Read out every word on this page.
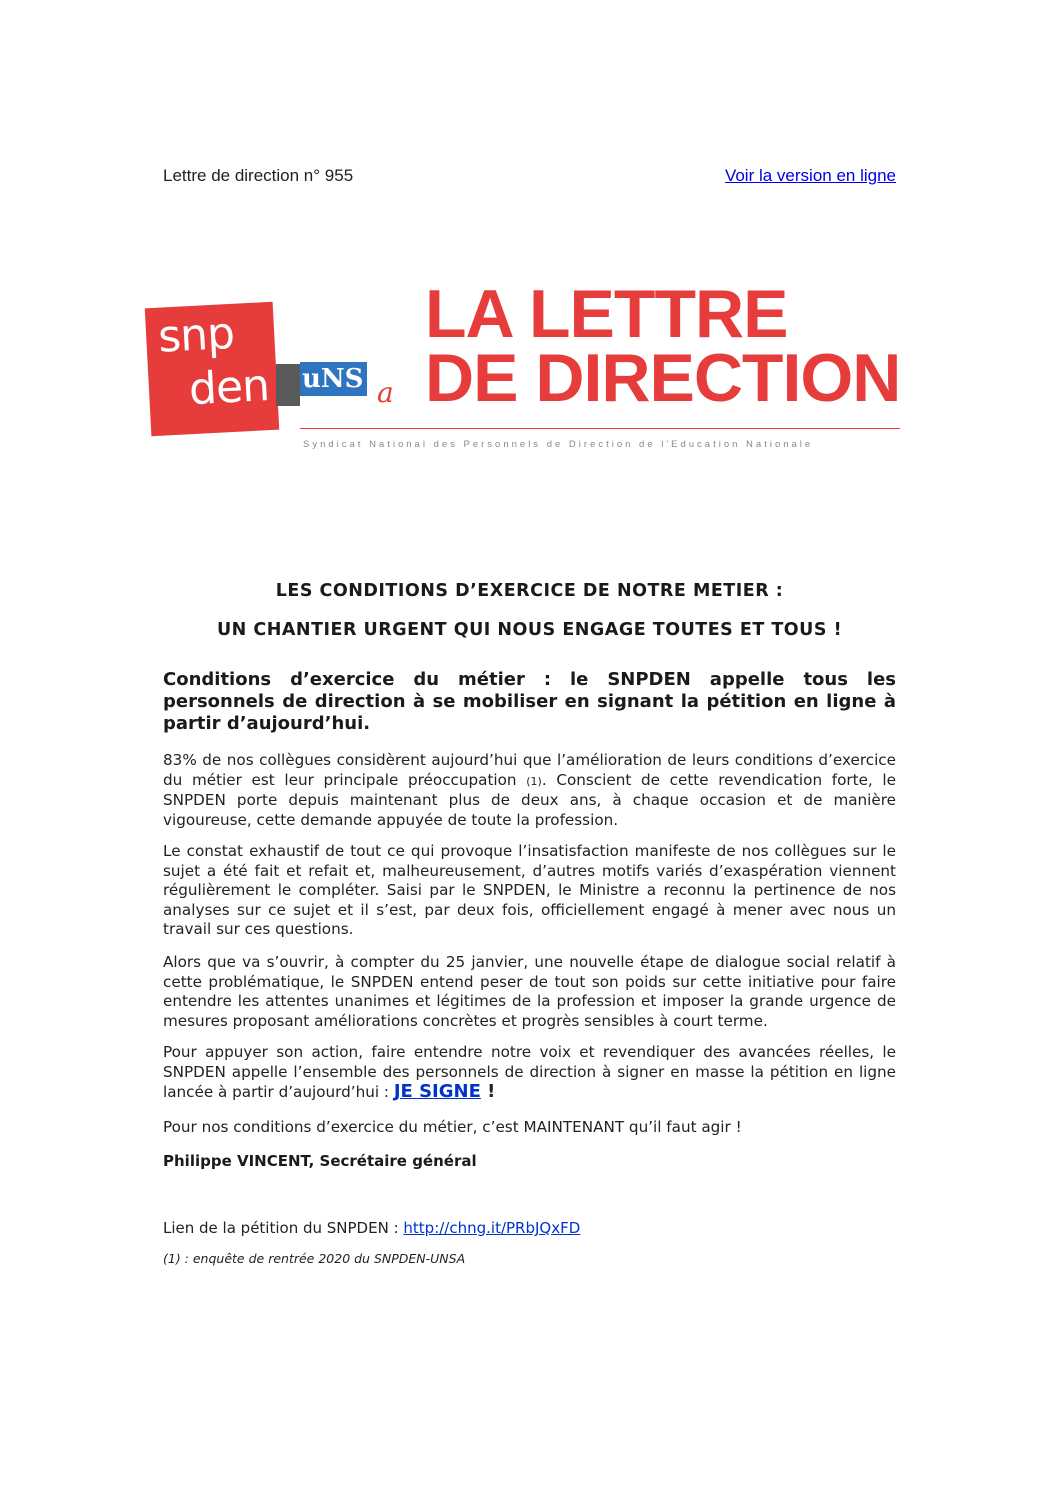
Lettre de direction n° 955	Voir la version en ligne
snp
den uNS a
LA LETTRE
DE DIRECTION
Syndicat National des Personnels de Direction de l'Education Nationale
LES CONDITIONS D’EXERCICE DE NOTRE METIER :
UN CHANTIER URGENT QUI NOUS ENGAGE TOUTES ET TOUS !
Conditions d’exercice du métier : le SNPDEN appelle tous les personnels de direction à se mobiliser en signant la pétition en ligne à partir d’aujourd’hui.
83% de nos collègues considèrent aujourd’hui que l’amélioration de leurs conditions d’exercice du métier est leur principale préoccupation (1). Conscient de cette revendication forte, le SNPDEN porte depuis maintenant plus de deux ans, à chaque occasion et de manière vigoureuse, cette demande appuyée de toute la profession.
Le constat exhaustif de tout ce qui provoque l’insatisfaction manifeste de nos collègues sur le sujet a été fait et refait et, malheureusement, d’autres motifs variés d’exaspération viennent régulièrement le compléter. Saisi par le SNPDEN, le Ministre a reconnu la pertinence de nos analyses sur ce sujet et il s’est, par deux fois, officiellement engagé à mener avec nous un travail sur ces questions.
Alors que va s’ouvrir, à compter du 25 janvier, une nouvelle étape de dialogue social relatif à cette problématique, le SNPDEN entend peser de tout son poids sur cette initiative pour faire entendre les attentes unanimes et légitimes de la profession et imposer la grande urgence de mesures proposant améliorations concrètes et progrès sensibles à court terme.
Pour appuyer son action, faire entendre notre voix et revendiquer des avancées réelles, le SNPDEN appelle l’ensemble des personnels de direction à signer en masse la pétition en ligne lancée à partir d’aujourd’hui : JE SIGNE !
Pour nos conditions d’exercice du métier, c’est MAINTENANT qu’il faut agir !
Philippe VINCENT, Secrétaire général
Lien de la pétition du SNPDEN : http://chng.it/PRbJQxFD
(1) : enquête de rentrée 2020 du SNPDEN-UNSA
